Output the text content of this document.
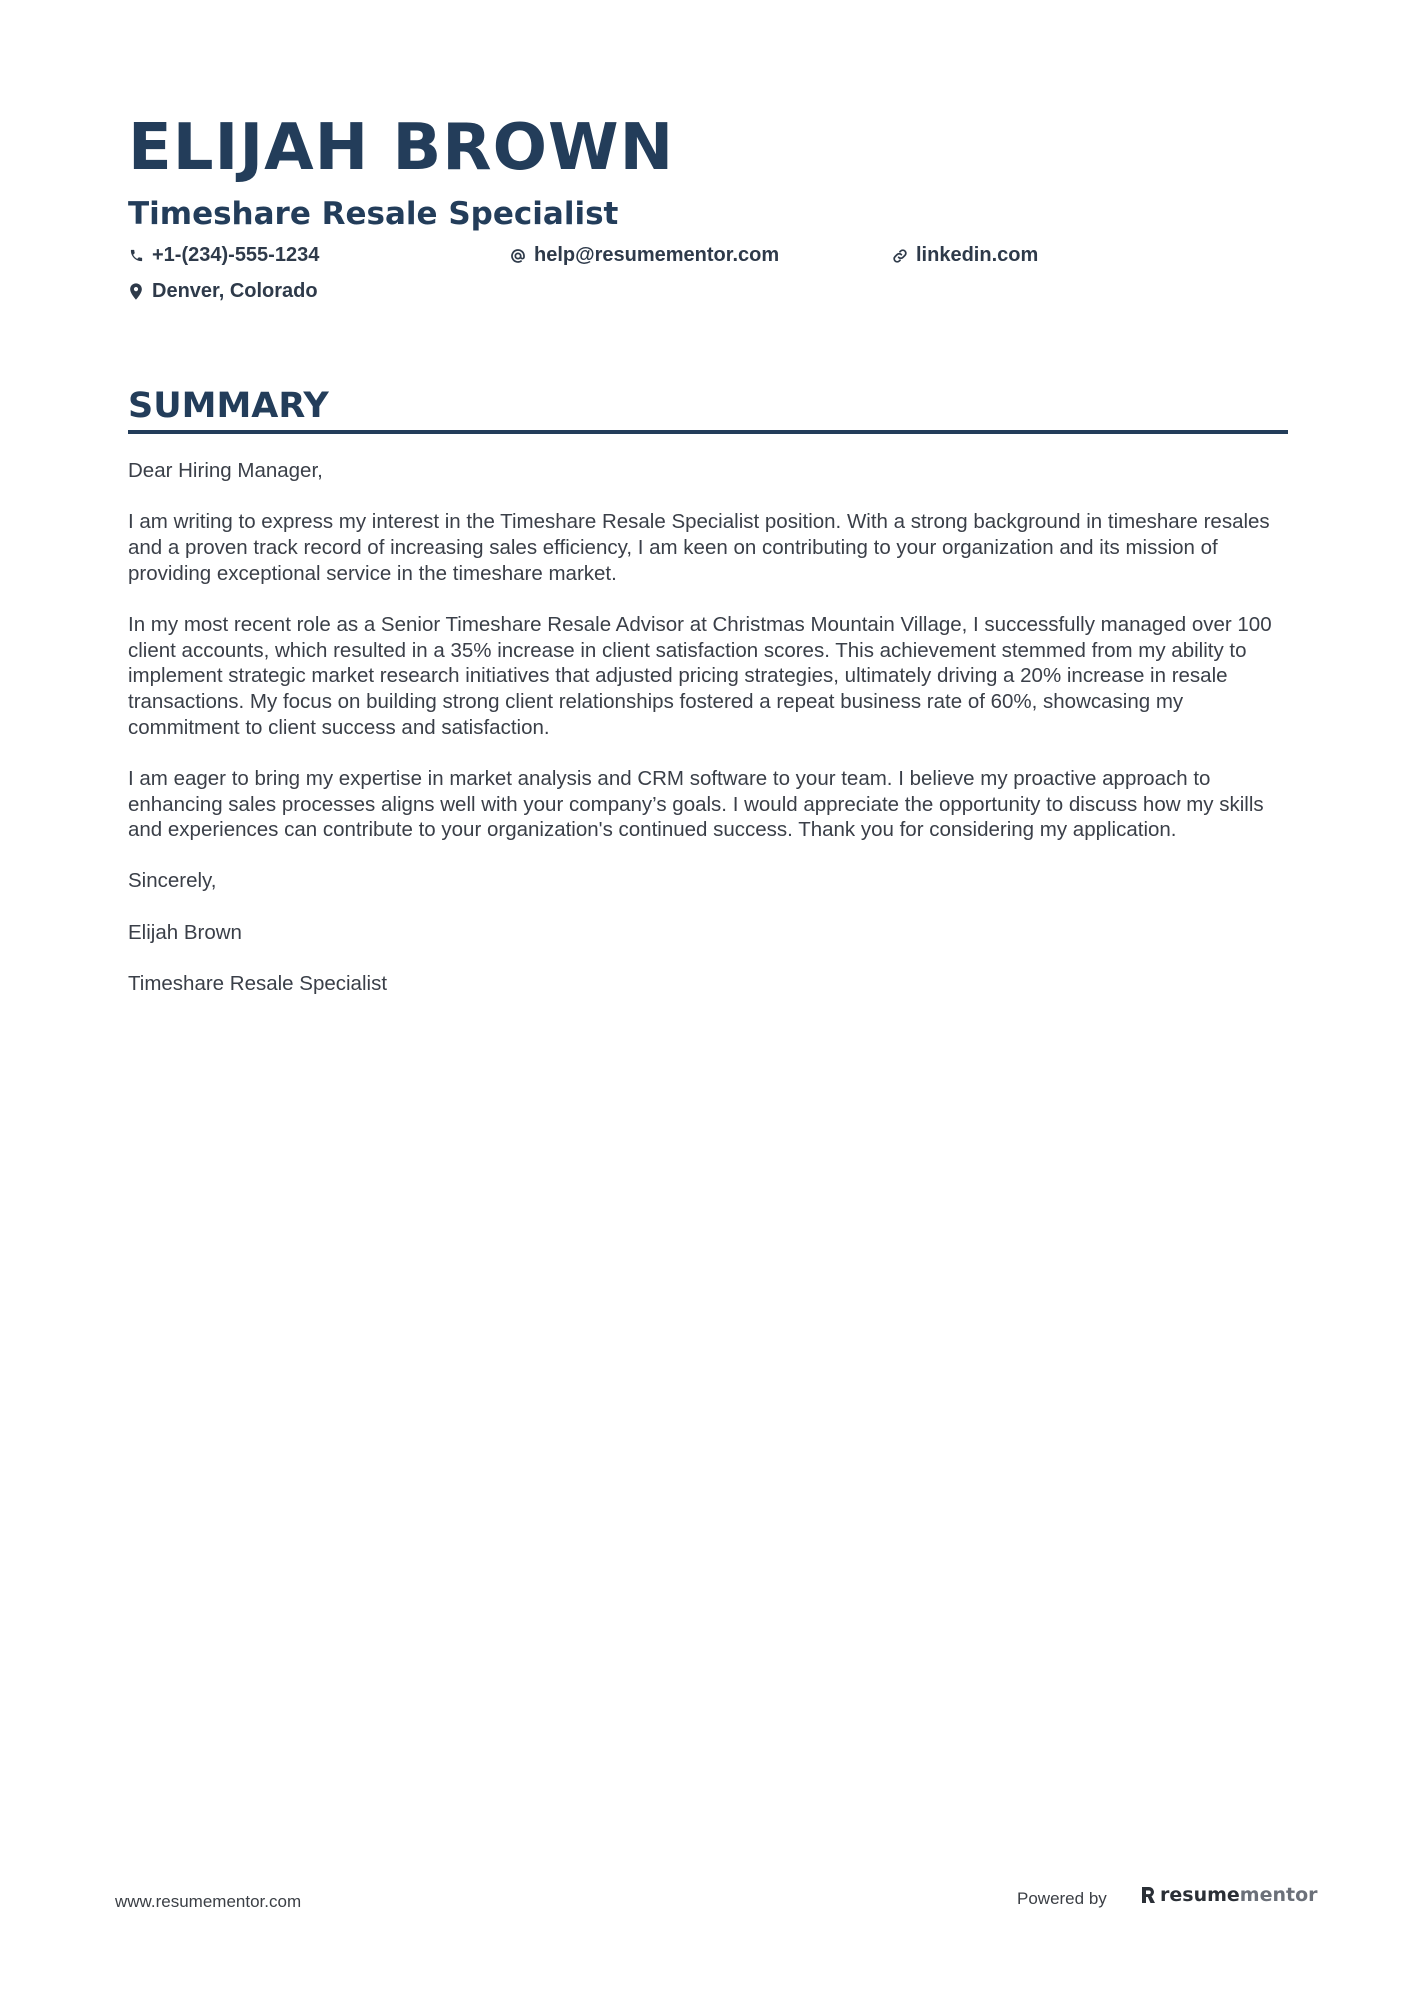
ELIJAH BROWN
Timeshare Resale Specialist
+1-(234)-555-1234	help@resumementor.com	linkedin.com
Denver, Colorado
SUMMARY

Dear Hiring Manager,

I am writing to express my interest in the Timeshare Resale Specialist position. With a strong background in timeshare resales and a proven track record of increasing sales efficiency, I am keen on contributing to your organization and its mission of providing exceptional service in the timeshare market.

In my most recent role as a Senior Timeshare Resale Advisor at Christmas Mountain Village, I successfully managed over 100 client accounts, which resulted in a 35% increase in client satisfaction scores. This achievement stemmed from my ability to implement strategic market research initiatives that adjusted pricing strategies, ultimately driving a 20% increase in resale transactions. My focus on building strong client relationships fostered a repeat business rate of 60%, showcasing my commitment to client success and satisfaction.

I am eager to bring my expertise in market analysis and CRM software to your team. I believe my proactive approach to enhancing sales processes aligns well with your company’s goals. I would appreciate the opportunity to discuss how my skills and experiences can contribute to your organization's continued success. Thank you for considering my application.

Sincerely,

Elijah Brown

Timeshare Resale Specialist

www.resumementor.com	Powered by	resume mentor
